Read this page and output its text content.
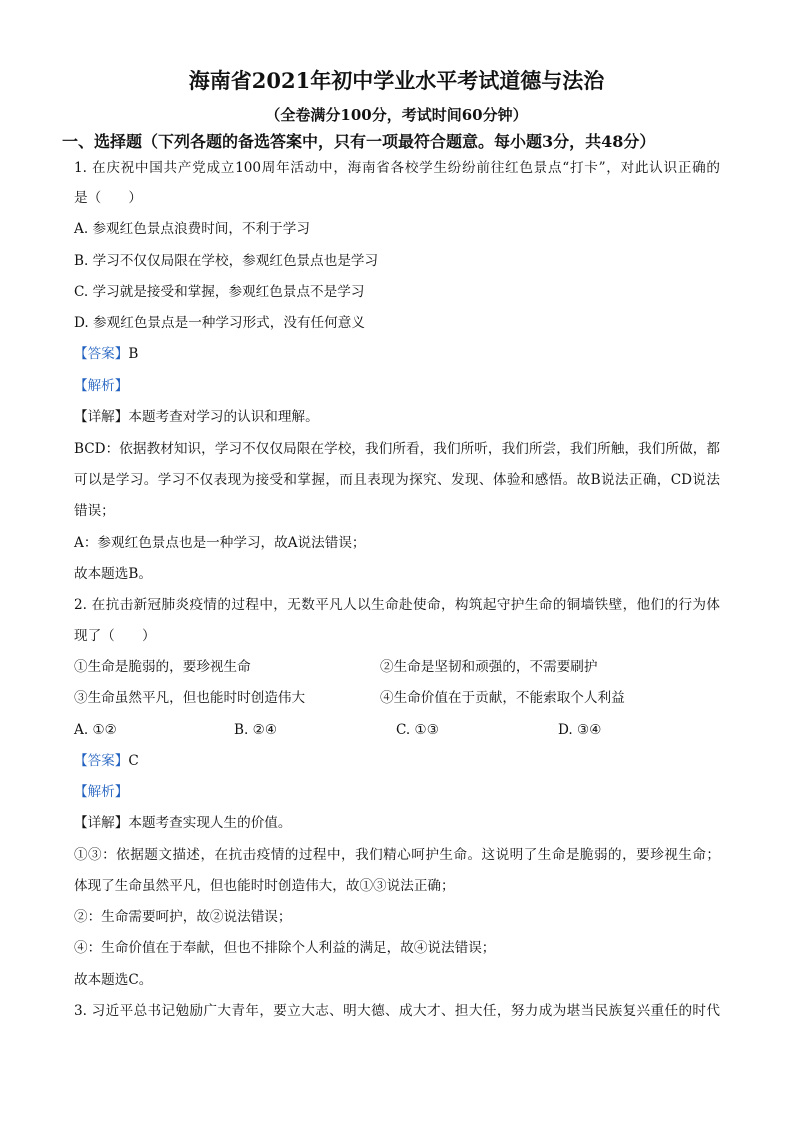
海南省2021年初中学业水平考试道德与法治
（全卷满分100分，考试时间60分钟）
一、选择题（下列各题的备选答案中，只有一项最符合题意。每小题3分，共48分）
1. 在庆祝中国共产党成立100周年活动中，海南省各校学生纷纷前往红色景点“打卡”，对此认识正确的
是（　　）
A. 参观红色景点浪费时间，不利于学习
B. 学习不仅仅局限在学校，参观红色景点也是学习
C. 学习就是接受和掌握，参观红色景点不是学习
D. 参观红色景点是一种学习形式，没有任何意义
【答案】B
【解析】
【详解】本题考查对学习的认识和理解。
BCD：依据教材知识，学习不仅仅局限在学校，我们所看，我们所听，我们所尝，我们所触，我们所做，都
可以是学习。学习不仅表现为接受和掌握，而且表现为探究、发现、体验和感悟。故B说法正确，CD说法
错误；
A：参观红色景点也是一种学习，故A说法错误；
故本题选B。
2. 在抗击新冠肺炎疫情的过程中，无数平凡人以生命赴使命，构筑起守护生命的铜墙铁壁，他们的行为体
现了（　　）
①生命是脆弱的，要珍视生命	②生命是坚韧和顽强的，不需要刷护
③生命虽然平凡，但也能时时创造伟大	④生命价值在于贡献，不能索取个人利益
A. ①②	B. ②④	C. ①③	D. ③④
【答案】C
【解析】
【详解】本题考查实现人生的价值。
①③：依据题文描述，在抗击疫情的过程中，我们精心呵护生命。这说明了生命是脆弱的，要珍视生命；
体现了生命虽然平凡，但也能时时创造伟大，故①③说法正确；
②：生命需要呵护，故②说法错误；
④：生命价值在于奉献，但也不排除个人利益的满足，故④说法错误；
故本题选C。
3. 习近平总书记勉励广大青年，要立大志、明大德、成大才、担大任，努力成为堪当民族复兴重任的时代
